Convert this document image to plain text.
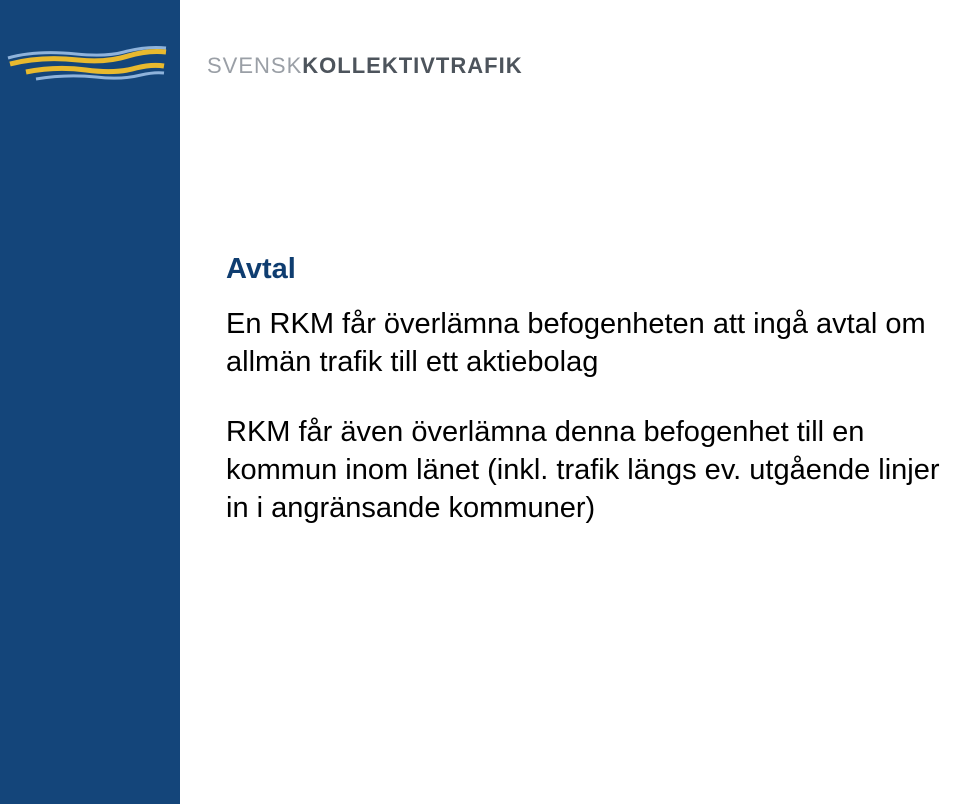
SVENSKKOLLEKTIVTRAFIK
Avtal

En RKM får överlämna befogenheten att ingå avtal om allmän trafik till ett aktiebolag

RKM får även överlämna denna befogenhet till en kommun inom länet (inkl. trafik längs ev. utgående linjer in i angränsande kommuner)
